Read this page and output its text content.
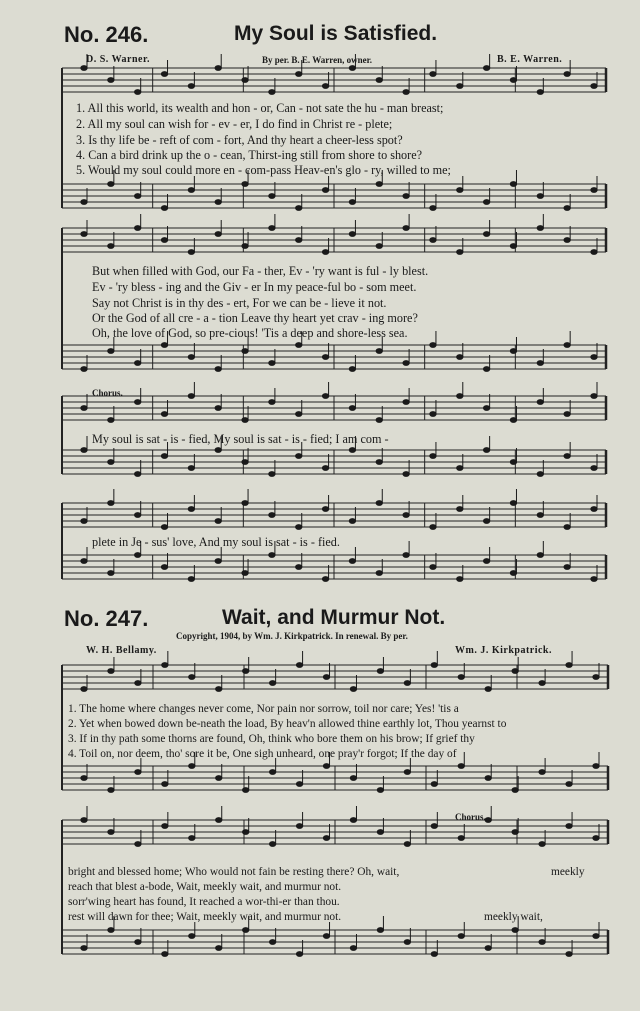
No. 246.	My Soul is Satisfied.
D. S. Warner.	By per. B. E. Warren, owner.	B. E. Warren.
1. All this world, its wealth and hon - or, Can - not sate the hu - man breast;
2. All my soul can wish for - ev - er, I do find in Christ re - plete;
3. Is thy life be - reft of com - fort, And thy heart a cheer-less spot?
4. Can a bird drink up the o - cean, Thirst-ing still from shore to shore?
5. Would my soul could more en - com-pass Heav-en's glo - ry, willed to me;
But when filled with God, our Fa - ther, Ev - 'ry want is ful - ly blest.
Ev - 'ry bless - ing and the Giv - er In my peace-ful bo - som meet.
Say not Christ is in thy des - ert, For we can be - lieve it not.
Or the God of all cre - a - tion Leave thy heart yet crav - ing more?
Oh, the love of God, so pre-cious! 'Tis a deep and shore-less sea.
Chorus.
My soul is sat - is - fied, My soul is sat - is - fied; I am com -
plete in Je - sus' love, And my soul is sat - is - fied.
No. 247.	Wait, and Murmur Not.
Copyright, 1904, by Wm. J. Kirkpatrick. In renewal. By per.
W. H. Bellamy.	Wm. J. Kirkpatrick.
1. The home where changes never come, Nor pain nor sorrow, toil nor care; Yes! 'tis a
2. Yet when bowed down be-neath the load, By heav'n allowed thine earthly lot, Thou yearnst to
3. If in thy path some thorns are found, Oh, think who bore them on his brow; If grief thy
4. Toil on, nor deem, tho' sore it be, One sigh unheard, one pray'r forgot; If the day of
Chorus.
bright and blessed home; Who would not fain be resting there? Oh, wait,	meekly
reach that blest a-bode, Wait, meekly wait, and murmur not.
sorr'wing heart has found, It reached a wor-thi-er than thou.
rest will dawn for thee; Wait, meekly wait, and murmur not.	meekly wait,
